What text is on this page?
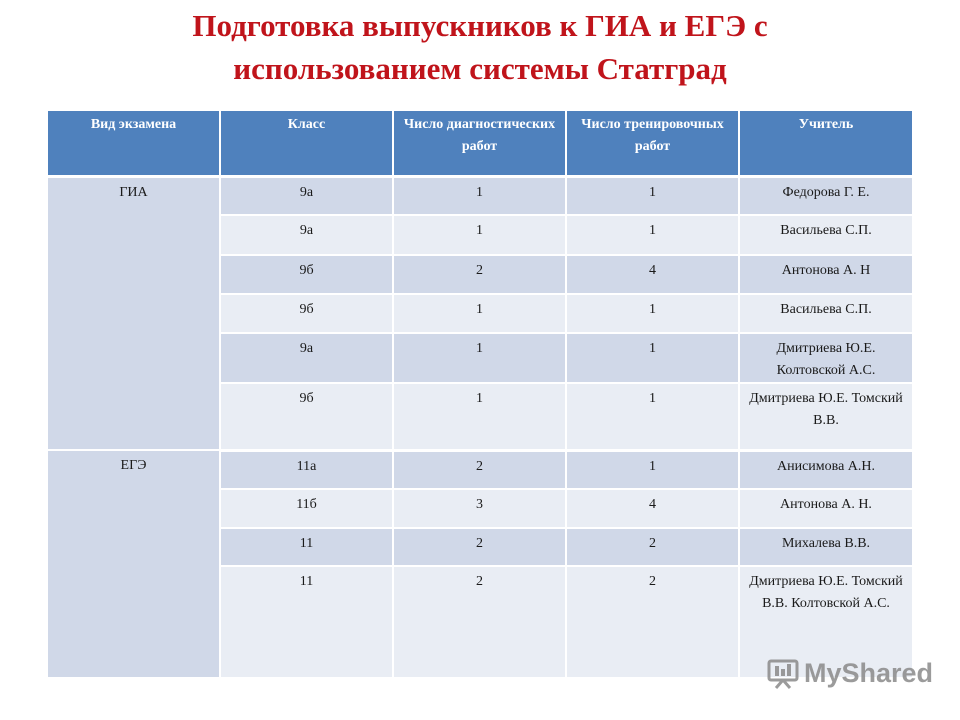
Подготовка выпускников к ГИА и ЕГЭ с
использованием системы Статград
Вид экзамена	Класс	Число диагностических работ	Число тренировочных работ	Учитель
ГИА	9а	1	1	Федорова Г. Е.
	9а	1	1	Васильева С.П.
	9б	2	4	Антонова А. Н
	9б	1	1	Васильева С.П.
	9а	1	1	Дмитриева Ю.Е. Колтовской А.С.
	9б	1	1	Дмитриева Ю.Е. Томский В.В.
ЕГЭ	11а	2	1	Анисимова А.Н.
	11б	3	4	Антонова А. Н.
	11	2	2	Михалева В.В.
	11	2	2	Дмитриева Ю.Е. Томский В.В. Колтовской А.С.
MyShared
